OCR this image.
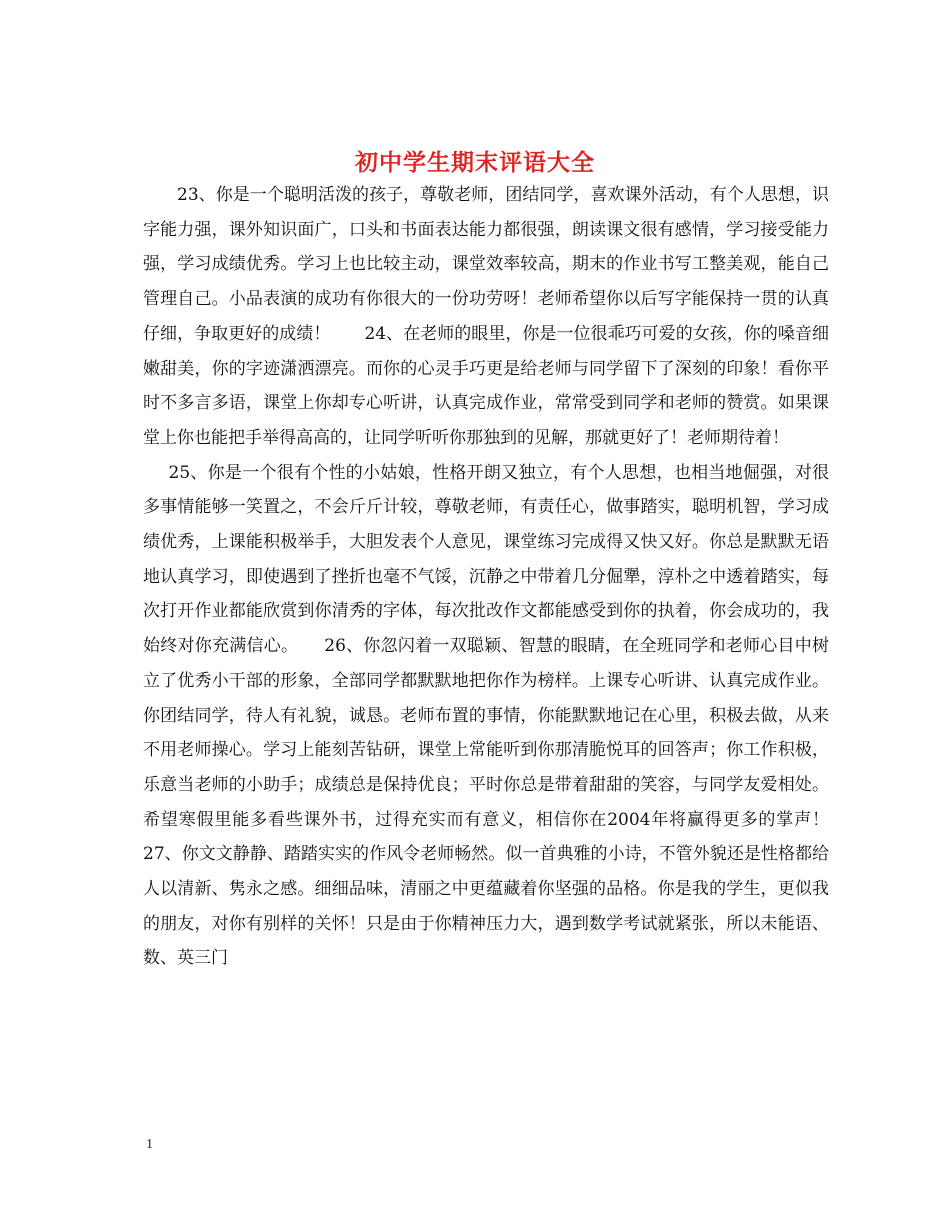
初中学生期末评语大全

23、你是一个聪明活泼的孩子，尊敬老师，团结同学，喜欢课外活动，有个人思想，识字能力强，课外知识面广，口头和书面表达能力都很强，朗读课文很有感情，学习接受能力强，学习成绩优秀。学习上也比较主动，课堂效率较高，期末的作业书写工整美观，能自己管理自己。小品表演的成功有你很大的一份功劳呀！老师希望你以后写字能保持一贯的认真仔细，争取更好的成绩！　　24、在老师的眼里，你是一位很乖巧可爱的女孩，你的嗓音细嫩甜美，你的字迹潇洒漂亮。而你的心灵手巧更是给老师与同学留下了深刻的印象！看你平时不多言多语，课堂上你却专心听讲，认真完成作业，常常受到同学和老师的赞赏。如果课堂上你也能把手举得高高的，让同学听听你那独到的见解，那就更好了！老师期待着！

25、你是一个很有个性的小姑娘，性格开朗又独立，有个人思想，也相当地倔强，对很多事情能够一笑置之，不会斤斤计较，尊敬老师，有责任心，做事踏实，聪明机智，学习成绩优秀，上课能积极举手，大胆发表个人意见，课堂练习完成得又快又好。你总是默默无语地认真学习，即使遇到了挫折也毫不气馁，沉静之中带着几分倔犟，淳朴之中透着踏实，每次打开作业都能欣赏到你清秀的字体，每次批改作文都能感受到你的执着，你会成功的，我始终对你充满信心。　　26、你忽闪着一双聪颖、智慧的眼睛，在全班同学和老师心目中树立了优秀小干部的形象，全部同学都默默地把你作为榜样。上课专心听讲、认真完成作业。你团结同学，待人有礼貌，诚恳。老师布置的事情，你能默默地记在心里，积极去做，从来不用老师操心。学习上能刻苦钻研，课堂上常能听到你那清脆悦耳的回答声；你工作积极，乐意当老师的小助手；成绩总是保持优良；平时你总是带着甜甜的笑容，与同学友爱相处。希望寒假里能多看些课外书，过得充实而有意义，相信你在2004年将赢得更多的掌声！　　27、你文文静静、踏踏实实的作风令老师畅然。似一首典雅的小诗，不管外貌还是性格都给人以清新、隽永之感。细细品味，清丽之中更蕴藏着你坚强的品格。你是我的学生，更似我的朋友，对你有别样的关怀！只是由于你精神压力大，遇到数学考试就紧张，所以未能语、数、英三门

1
